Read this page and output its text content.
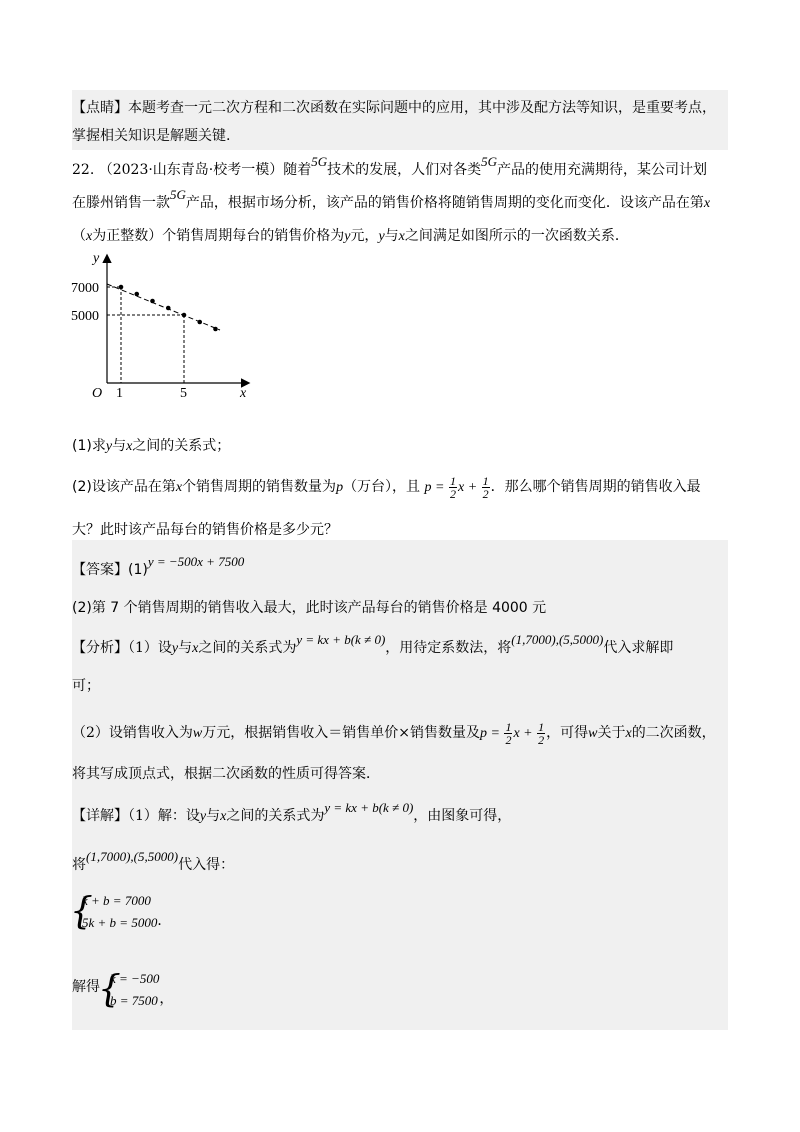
【点睛】本题考查一元二次方程和二次函数在实际问题中的应用，其中涉及配方法等知识，是重要考点，
掌握相关知识是解题关键.
22. （2023·山东青岛·校考一模）随着5G技术的发展，人们对各类5G产品的使用充满期待，某公司计划
在滕州销售一款5G产品，根据市场分析，该产品的销售价格将随销售周期的变化而变化．设该产品在第x
（x为正整数）个销售周期每台的销售价格为y元，y与x之间满足如图所示的一次函数关系．
y
x
O
7000
5000
1	5
(1)求y与x之间的关系式；
(2)设该产品在第x个销售周期的销售数量为p（万台），且 $p = \frac{1}{2}$ $x + \frac{1}{2}$ ．那么哪个销售周期的销售收入最
大？此时该产品每台的销售价格是多少元？
【答案】(1)y = −500x + 7500
(2)第 7 个销售周期的销售收入最大，此时该产品每台的销售价格是 4000 元
【分析】（1）设y与x之间的关系式为y = kx + b(k ≠ 0)，用待定系数法，将(1,7000),(5,5000)代入求解即
可；
（2）设销售收入为w万元，根据销售收入＝销售单价×销售数量及$p = \frac{1}{2}$ $x + \frac{1}{2}$ ，可得w关于x的二次函数，
将其写成顶点式，根据二次函数的性质可得答案．
【详解】（1）解：设y与x之间的关系式为y = kx + b(k ≠ 0)，由图象可得，
将(1,7000),(5,5000)代入得：
{ k + b = 7000
5k + b = 5000 ．
解得
{ k = −500
b = 7500 ，
